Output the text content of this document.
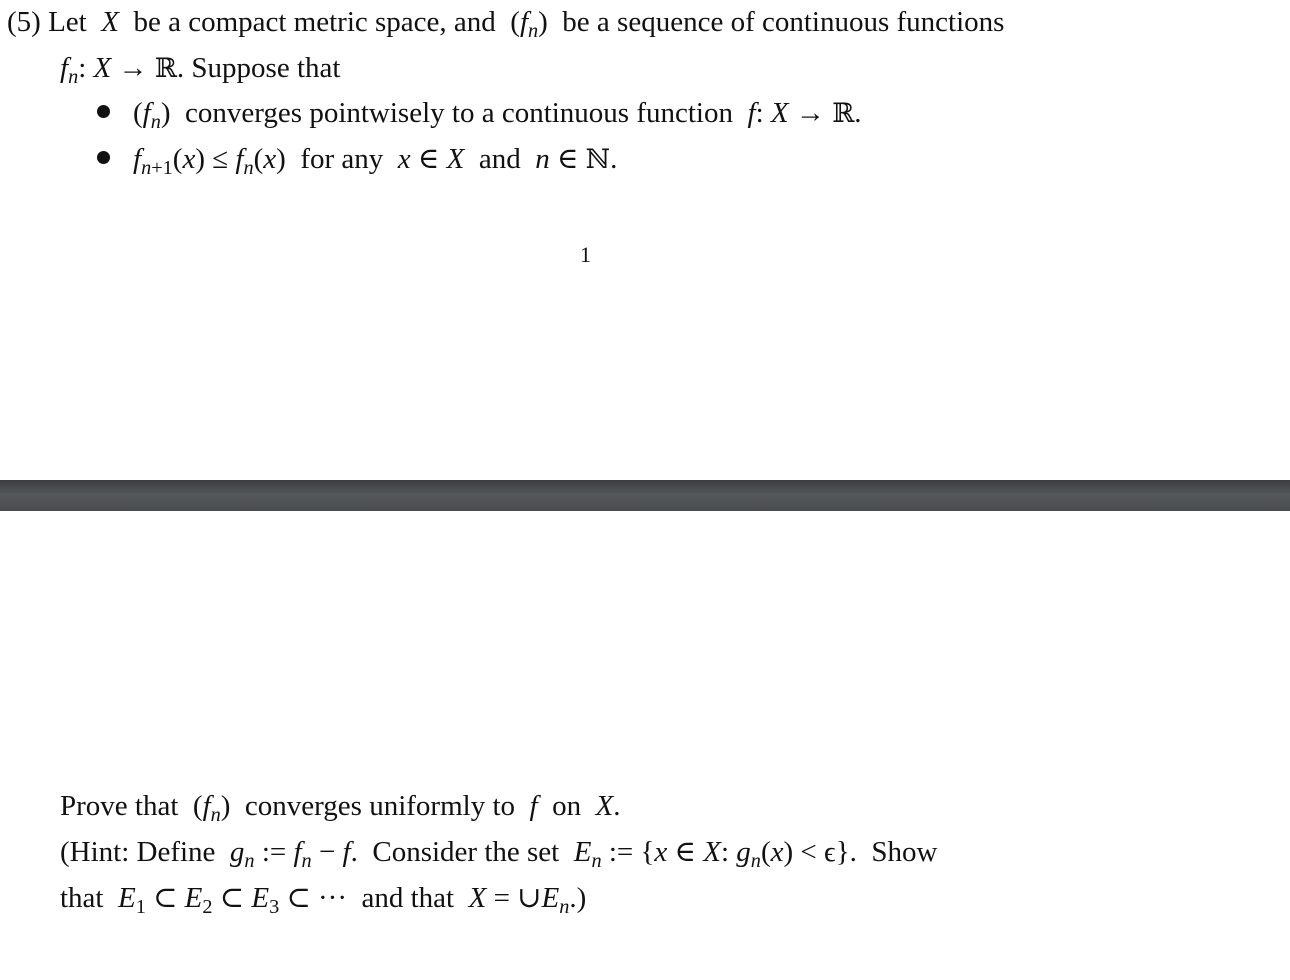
(5) Let  X  be a compact metric space, and  $(f_n)$  be a sequence of continuous functions
$f_n$: X → ℝ. Suppose that
$(f_n)$  converges pointwisely to a continuous function  f: X → ℝ.
$f_{n+1}(x) \le f_n(x)$  for any  x ∈ X  and  n ∈ ℕ.
1
Prove that  $(f_n)$  converges uniformly to  f  on  X.
(Hint: Define  $g_n$ := $f_n - f$.  Consider the set  $E_n$ := {x ∈ X: $g_n(x) < \epsilon$}.  Show
that  $E_1$ ⊂ $E_2$ ⊂ $E_3$ ⊂ ···  and that  $X = \cup E_n$.)
